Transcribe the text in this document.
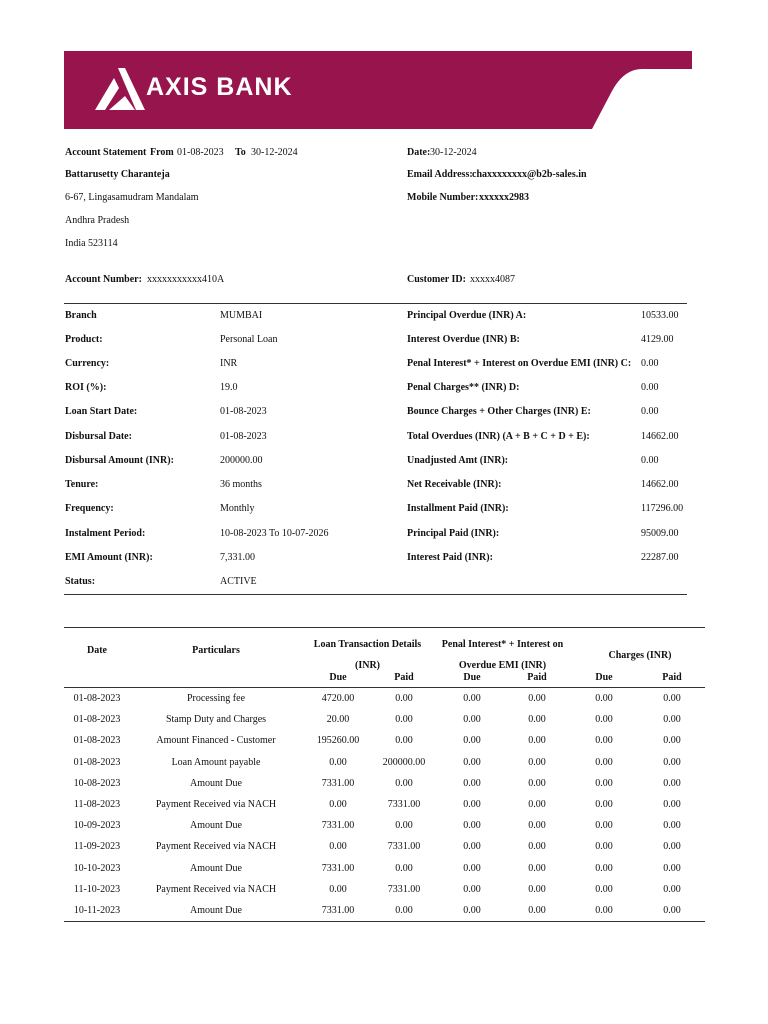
AXIS BANK
Account Statement From 01-08-2023 To 30-12-2024	Date: 30-12-2024
Battarusetty Charanteja	Email Address: chaxxxxxxxx@b2b-sales.in
6-67, Lingasamudram Mandalam	Mobile Number: xxxxxx2983
Andhra Pradesh
India 523114
Account Number: xxxxxxxxxxx410A	Customer ID: xxxxx4087
Branch	MUMBAI
Product:	Personal Loan
Currency:	INR
ROI (%):	19.0
Loan Start Date:	01-08-2023
Disbursal Date:	01-08-2023
Disbursal Amount (INR):	200000.00
Tenure:	36 months
Frequency:	Monthly
Instalment Period:	10-08-2023 To 10-07-2026
EMI Amount (INR):	7,331.00
Status:	ACTIVE
Principal Overdue (INR) A:	10533.00
Interest Overdue (INR) B:	4129.00
Penal Interest* + Interest on Overdue EMI (INR) C: 0.00
Penal Charges** (INR) D:	0.00
Bounce Charges + Other Charges (INR) E:	0.00
Total Overdues (INR) (A + B + C + D + E):	14662.00
Unadjusted Amt (INR):	0.00
Net Receivable (INR):	14662.00
Installment Paid (INR):	117296.00
Principal Paid (INR):	95009.00
Interest Paid (INR):	22287.00
Date	Particulars
Loan Transaction Details
(INR)
Penal Interest* + Interest on
Overdue EMI (INR)
Charges (INR)
Due	Paid	Due	Paid	Due	Paid
01-08-2023	Processing fee	4720.00	0.00	0.00	0.00	0.00	0.00
01-08-2023	Stamp Duty and Charges	20.00	0.00	0.00	0.00	0.00	0.00
01-08-2023	Amount Financed - Customer	195260.00	0.00	0.00	0.00	0.00	0.00
01-08-2023	Loan Amount payable	0.00	200000.00	0.00	0.00	0.00	0.00
10-08-2023	Amount Due	7331.00	0.00	0.00	0.00	0.00	0.00
11-08-2023	Payment Received via NACH	0.00	7331.00	0.00	0.00	0.00	0.00
10-09-2023	Amount Due	7331.00	0.00	0.00	0.00	0.00	0.00
11-09-2023	Payment Received via NACH	0.00	7331.00	0.00	0.00	0.00	0.00
10-10-2023	Amount Due	7331.00	0.00	0.00	0.00	0.00	0.00
11-10-2023	Payment Received via NACH	0.00	7331.00	0.00	0.00	0.00	0.00
10-11-2023	Amount Due	7331.00	0.00	0.00	0.00	0.00	0.00
